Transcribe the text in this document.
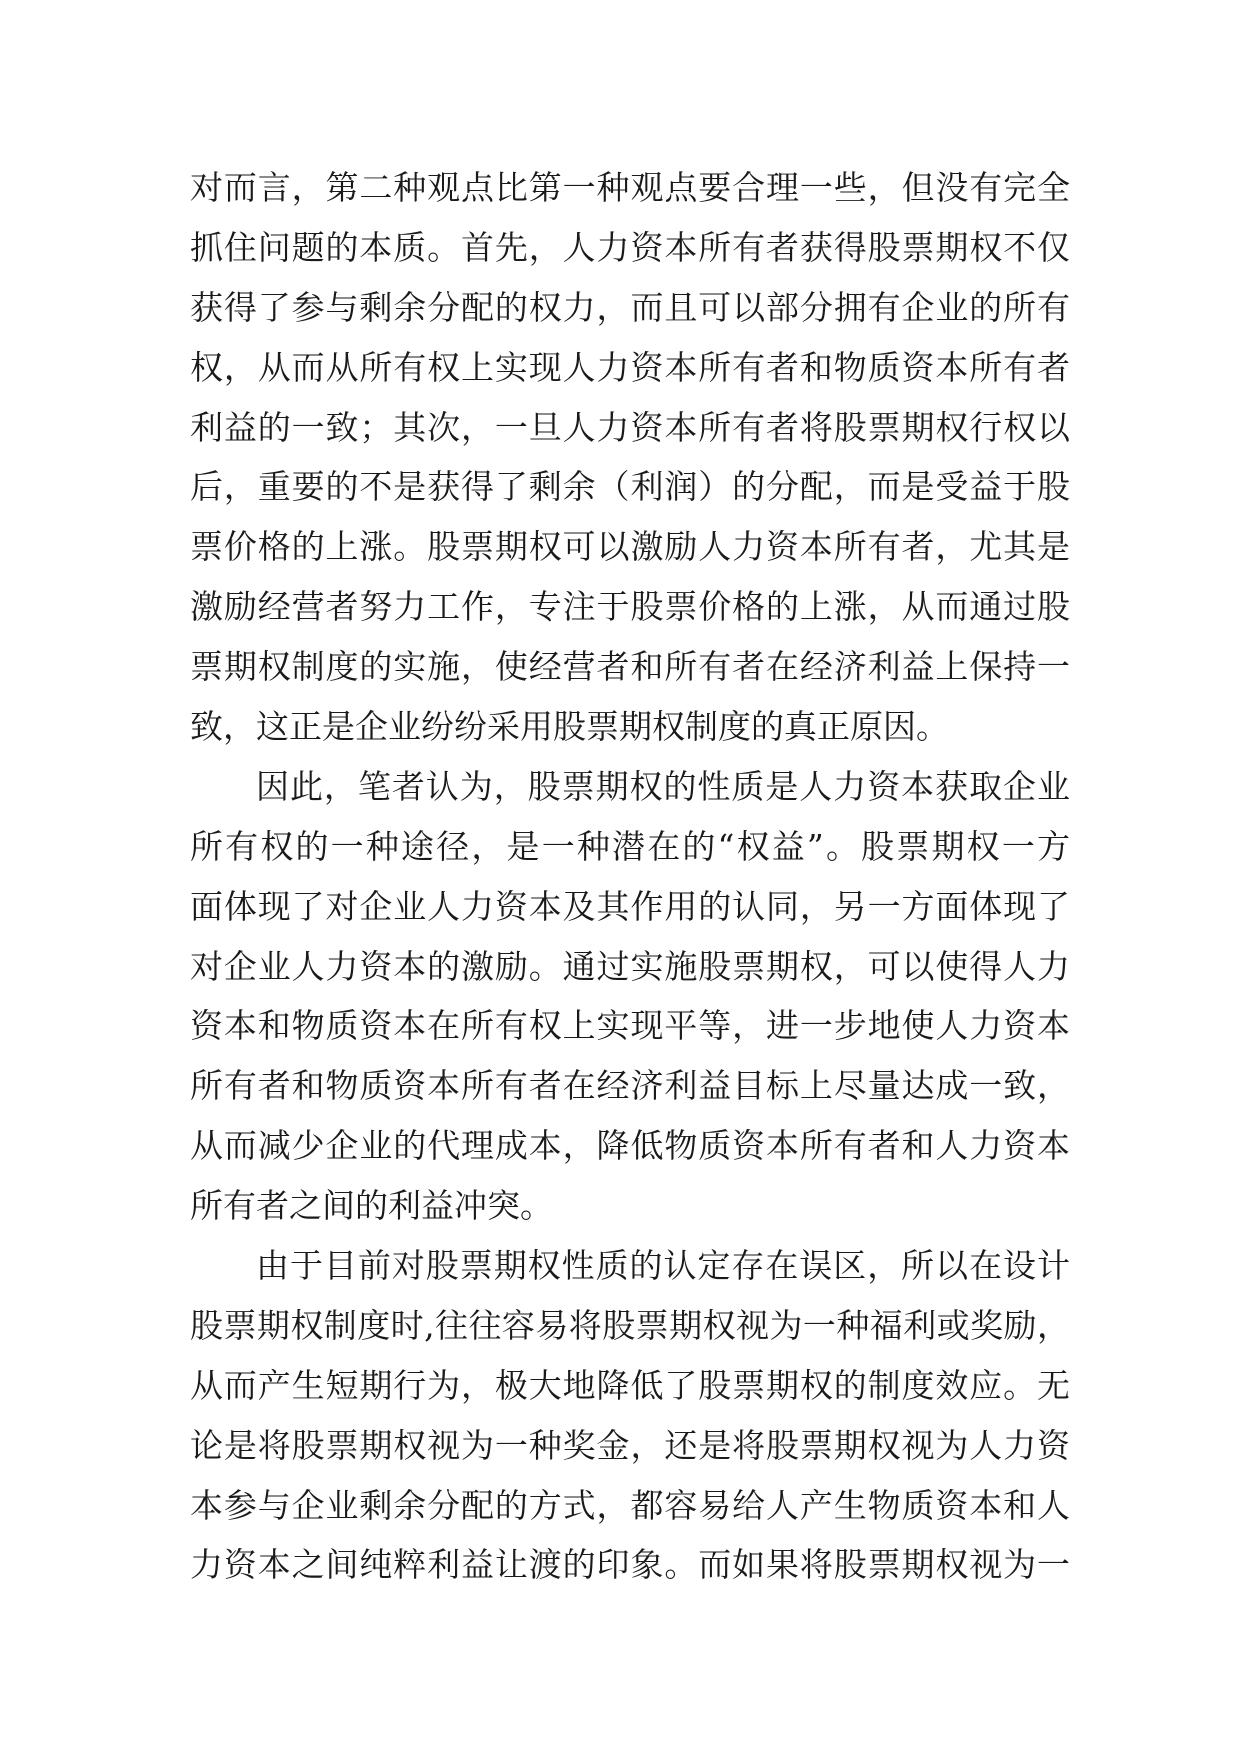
对而言，第二种观点比第一种观点要合理一些，但没有完全
抓住问题的本质。首先，人力资本所有者获得股票期权不仅
获得了参与剩余分配的权力，而且可以部分拥有企业的所有
权，从而从所有权上实现人力资本所有者和物质资本所有者
利益的一致；其次，一旦人力资本所有者将股票期权行权以
后，重要的不是获得了剩余（利润）的分配，而是受益于股
票价格的上涨。股票期权可以激励人力资本所有者，尤其是
激励经营者努力工作，专注于股票价格的上涨，从而通过股
票期权制度的实施，使经营者和所有者在经济利益上保持一
致，这正是企业纷纷采用股票期权制度的真正原因。
因此，笔者认为，股票期权的性质是人力资本获取企业
所有权的一种途径，是一种潜在的“权益”。股票期权一方
面体现了对企业人力资本及其作用的认同，另一方面体现了
对企业人力资本的激励。通过实施股票期权，可以使得人力
资本和物质资本在所有权上实现平等，进一步地使人力资本
所有者和物质资本所有者在经济利益目标上尽量达成一致，
从而减少企业的代理成本，降低物质资本所有者和人力资本
所有者之间的利益冲突。
由于目前对股票期权性质的认定存在误区，所以在设计
股票期权制度时,往往容易将股票期权视为一种福利或奖励，
从而产生短期行为，极大地降低了股票期权的制度效应。无
论是将股票期权视为一种奖金，还是将股票期权视为人力资
本参与企业剩余分配的方式，都容易给人产生物质资本和人
力资本之间纯粹利益让渡的印象。而如果将股票期权视为一
